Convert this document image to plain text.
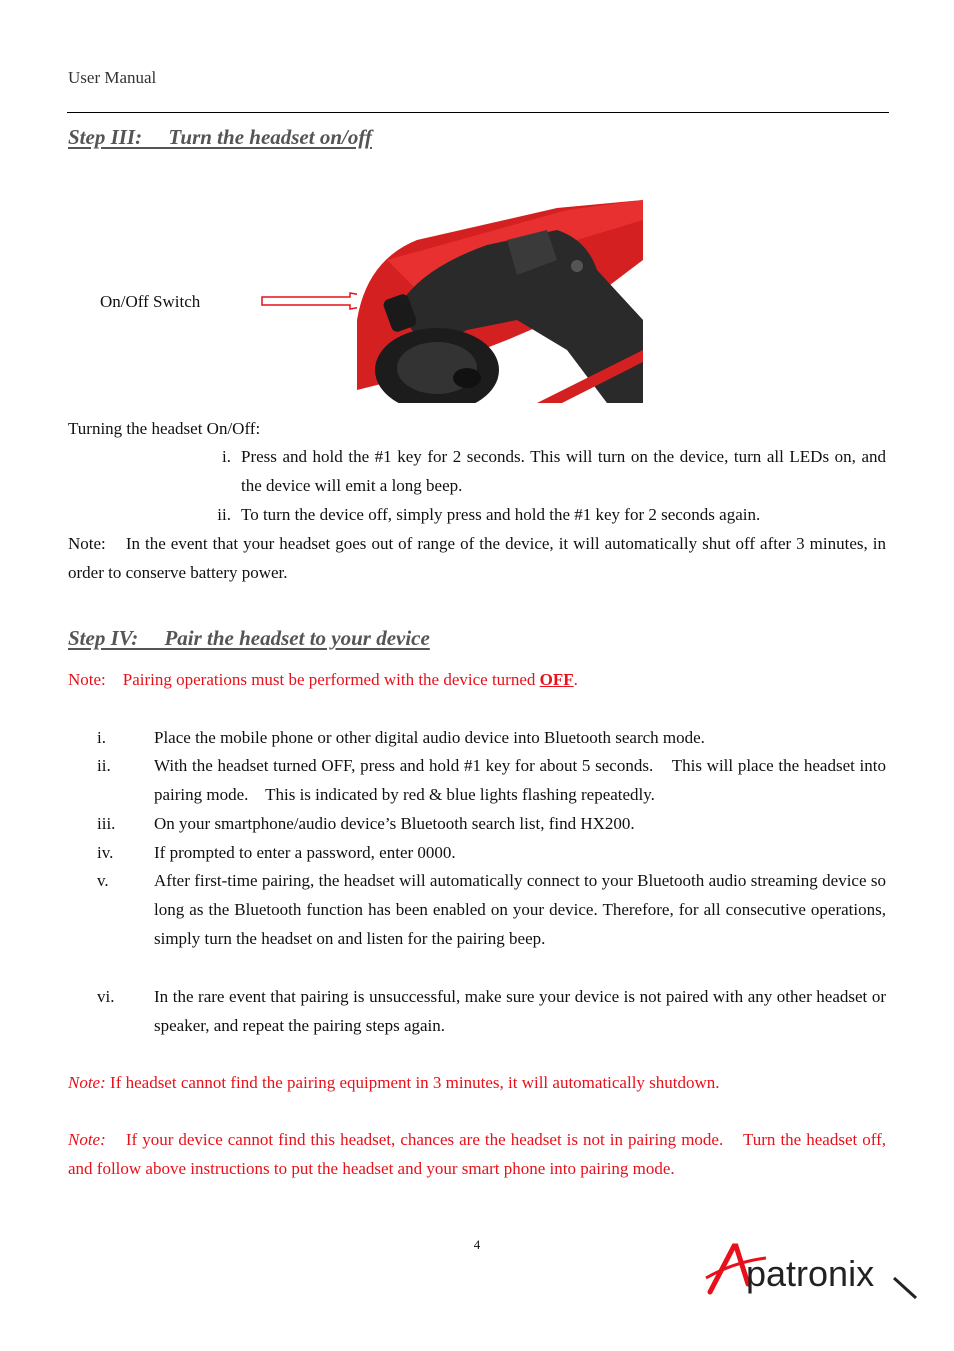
User Manual
Step III:     Turn the headset on/off
On/Off Switch
Turning the headset On/Off:
i. Press and hold the #1 key for 2 seconds. This will turn on the device, turn all LEDs on, and the device will emit a long beep.
ii. To turn the device off, simply press and hold the #1 key for 2 seconds again.
Note:    In the event that your headset goes out of range of the device, it will automatically shut off after 3 minutes, in order to conserve battery power.
Step IV:     Pair the headset to your device
Note:    Pairing operations must be performed with the device turned OFF.
i.	Place the mobile phone or other digital audio device into Bluetooth search mode.
ii.	With the headset turned OFF, press and hold #1 key for about 5 seconds.    This will place the headset into pairing mode.    This is indicated by red & blue lights flashing repeatedly.
iii. On your smartphone/audio device’s Bluetooth search list, find HX200.
iv. If prompted to enter a password, enter 0000.
v.	After first-time pairing, the headset will automatically connect to your Bluetooth audio streaming device so long as the Bluetooth function has been enabled on your device. Therefore, for all consecutive operations, simply turn the headset on and listen for the pairing beep.
vi. In the rare event that pairing is unsuccessful, make sure your device is not paired with any other headset or speaker, and repeat the pairing steps again.
Note: If headset cannot find the pairing equipment in 3 minutes, it will automatically shutdown.
Note:    If your device cannot find this headset, chances are the headset is not in pairing mode.    Turn the headset off, and follow above instructions to put the headset and your smart phone into pairing mode.
4
patronix
